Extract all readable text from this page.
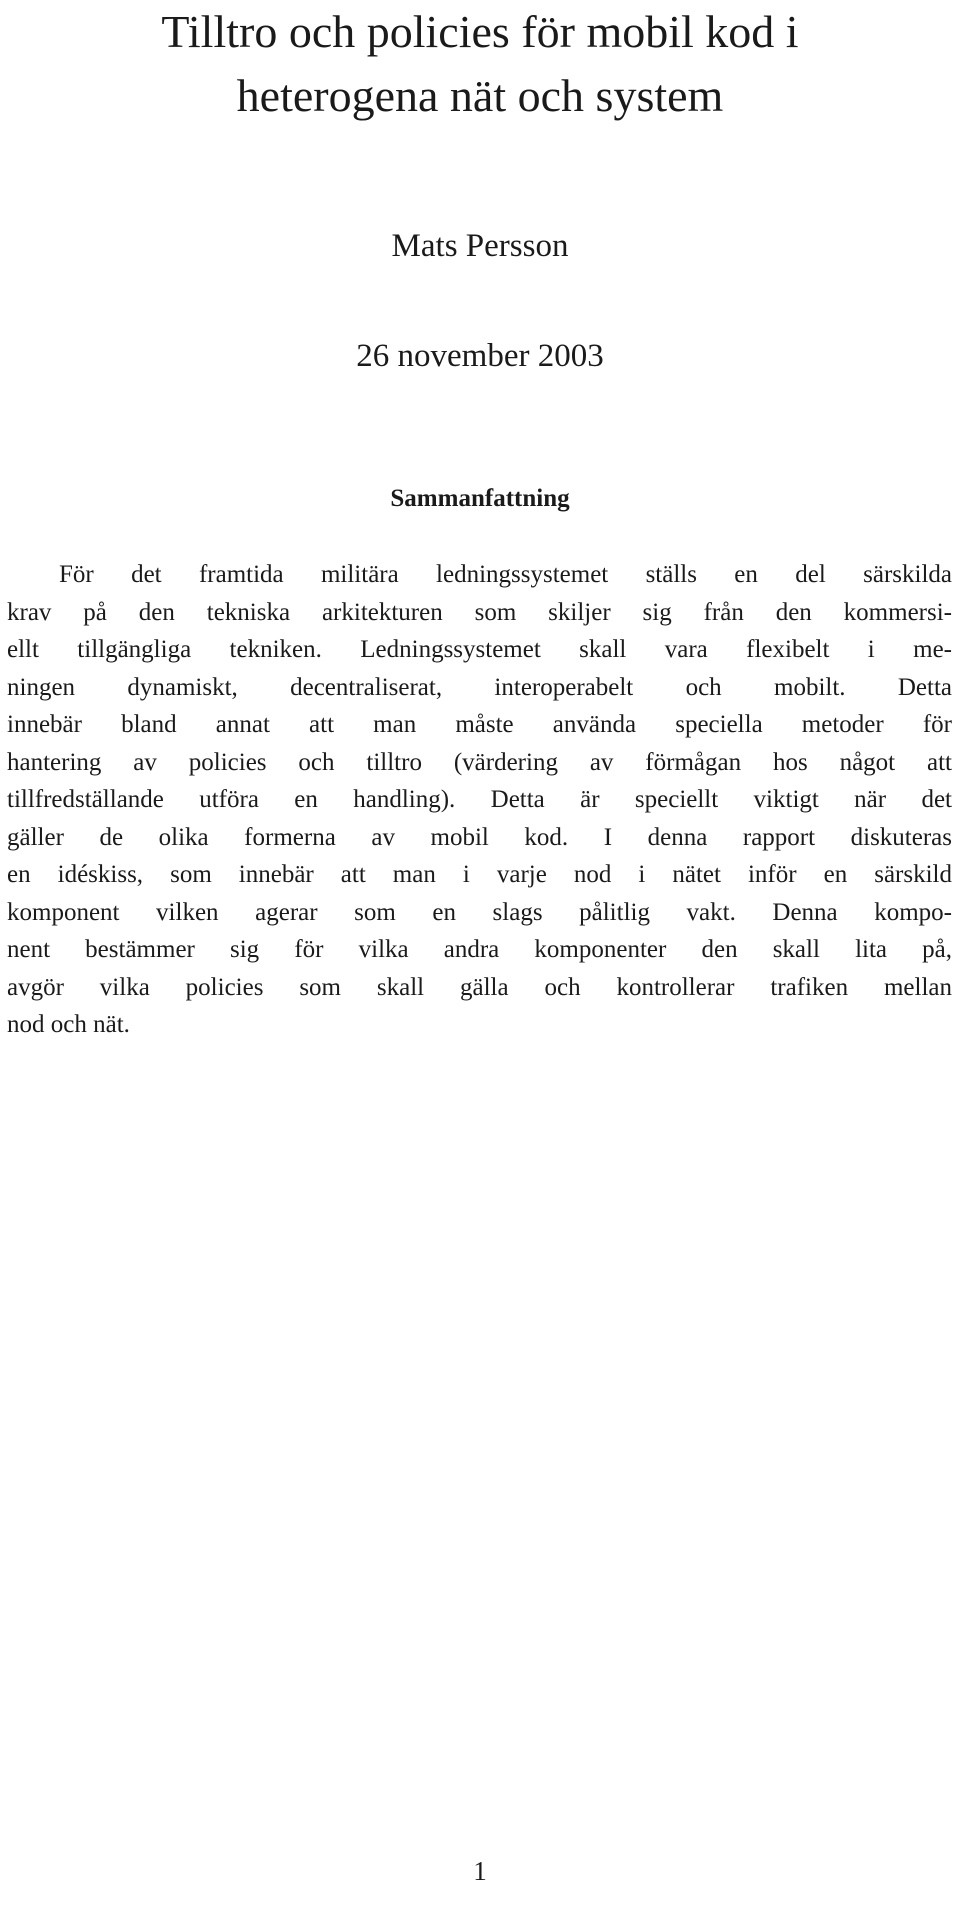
Tilltro och policies för mobil kod i
heterogena nät och system
Mats Persson
26 november 2003
Sammanfattning
För det framtida militära ledningssystemet ställs en del särskilda
krav på den tekniska arkitekturen som skiljer sig från den kommersi-
ellt tillgängliga tekniken. Ledningssystemet skall vara flexibelt i me-
ningen dynamiskt, decentraliserat, interoperabelt och mobilt. Detta
innebär bland annat att man måste använda speciella metoder för
hantering av policies och tilltro (värdering av förmågan hos något att
tillfredställande utföra en handling). Detta är speciellt viktigt när det
gäller de olika formerna av mobil kod. I denna rapport diskuteras
en idéskiss, som innebär att man i varje nod i nätet inför en särskild
komponent vilken agerar som en slags pålitlig vakt. Denna kompo-
nent bestämmer sig för vilka andra komponenter den skall lita på,
avgör vilka policies som skall gälla och kontrollerar trafiken mellan
nod och nät.
1
